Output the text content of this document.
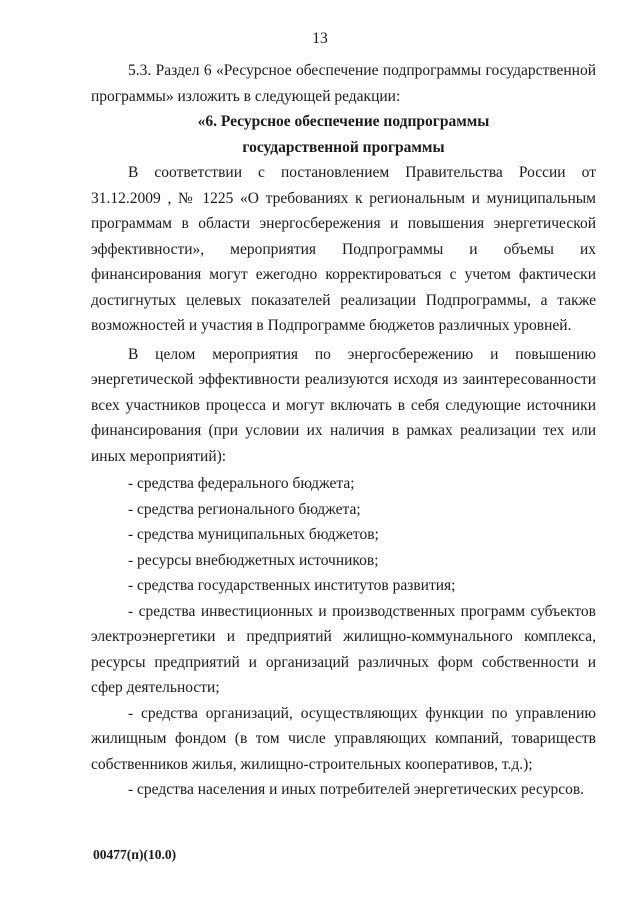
13

5.3. Раздел 6 «Ресурсное обеспечение подпрограммы государственной программы» изложить в следующей редакции:

«6. Ресурсное обеспечение подпрограммы
государственной программы

В соответствии с постановлением Правительства России от 31.12.2009 , № 1225 «О требованиях к региональным и муниципальным программам в области энергосбережения и повышения энергетической эффективности», мероприятия Подпрограммы и объемы их финансирования могут ежегодно корректироваться с учетом фактически достигнутых целевых показателей реализации Подпрограммы, а также возможностей и участия в Подпрограмме бюджетов различных уровней.

В целом мероприятия по энергосбережению и повышению энергетической эффективности реализуются исходя из заинтересованности всех участников процесса и могут включать в себя следующие источники финансирования (при условии их наличия в рамках реализации тех или иных мероприятий):

- средства федерального бюджета;

- средства регионального бюджета;

- средства муниципальных бюджетов;

- ресурсы внебюджетных источников;

- средства государственных институтов развития;

- средства инвестиционных и производственных программ субъектов электроэнергетики и предприятий жилищно-коммунального комплекса, ресурсы предприятий и организаций различных форм собственности и сфер деятельности;

- средства организаций, осуществляющих функции по управлению жилищным фондом (в том числе управляющих компаний, товариществ собственников жилья, жилищно-строительных кооперативов, т.д.);

- средства населения и иных потребителей энергетических ресурсов.

00477(п)(10.0)
